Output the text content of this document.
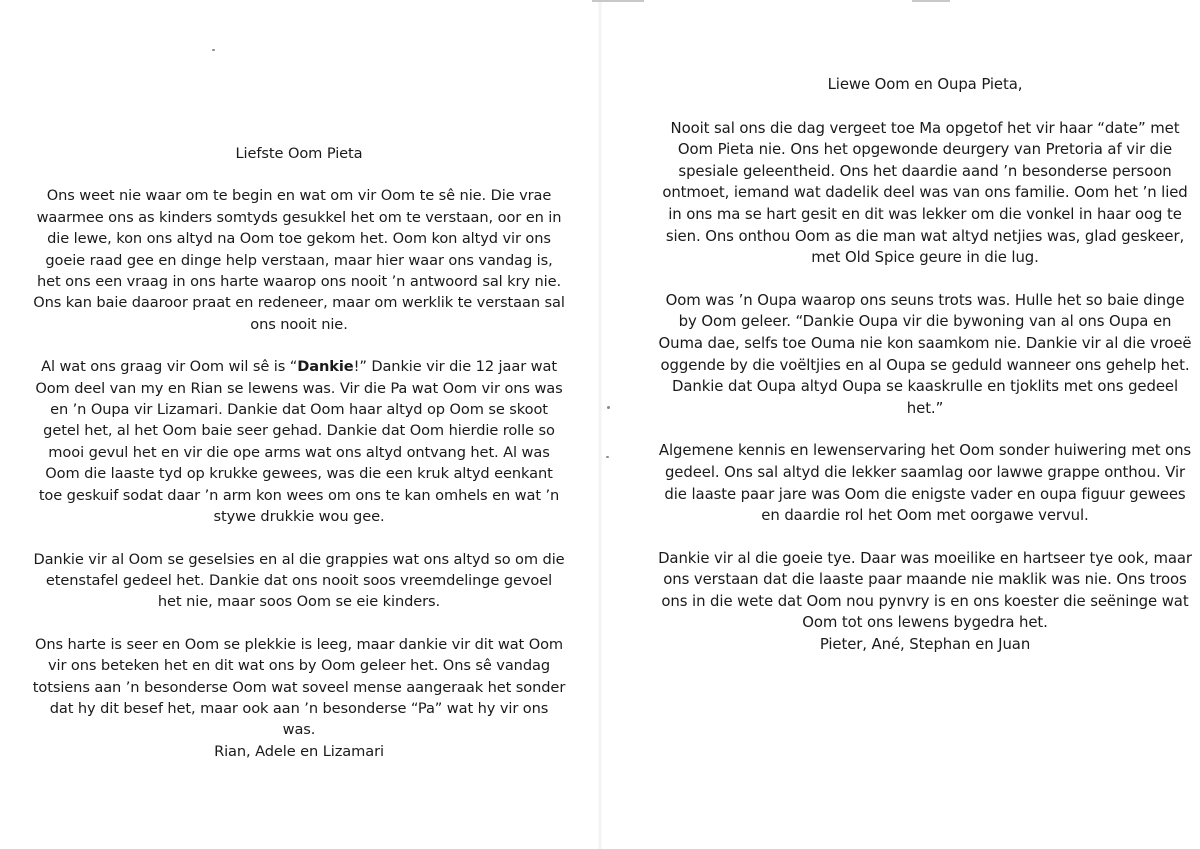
Liefste Oom Pieta

Ons weet nie waar om te begin en wat om vir Oom te sê nie. Die vrae waarmee ons as kinders somtyds gesukkel het om te verstaan, oor en in die lewe, kon ons altyd na Oom toe gekom het. Oom kon altyd vir ons goeie raad gee en dinge help verstaan, maar hier waar ons vandag is, het ons een vraag in ons harte waarop ons nooit ’n antwoord sal kry nie. Ons kan baie daaroor praat en redeneer, maar om werklik te verstaan sal ons nooit nie.

Al wat ons graag vir Oom wil sê is “Dankie!” Dankie vir die 12 jaar wat Oom deel van my en Rian se lewens was. Vir die Pa wat Oom vir ons was en ’n Oupa vir Lizamari. Dankie dat Oom haar altyd op Oom se skoot getel het, al het Oom baie seer gehad. Dankie dat Oom hierdie rolle so mooi gevul het en vir die ope arms wat ons altyd ontvang het. Al was Oom die laaste tyd op krukke gewees, was die een kruk altyd eenkant toe geskuif sodat daar ’n arm kon wees om ons te kan omhels en wat ’n stywe drukkie wou gee.

Dankie vir al Oom se geselsies en al die grappies wat ons altyd so om die etenstafel gedeel het. Dankie dat ons nooit soos vreemdelinge gevoel het nie, maar soos Oom se eie kinders.

Ons harte is seer en Oom se plekkie is leeg, maar dankie vir dit wat Oom vir ons beteken het en dit wat ons by Oom geleer het. Ons sê vandag totsiens aan ’n besonderse Oom wat soveel mense aangeraak het sonder dat hy dit besef het, maar ook aan ’n besonderse “Pa” wat hy vir ons was.

Rian, Adele en Lizamari

Liewe Oom en Oupa Pieta,

Nooit sal ons die dag vergeet toe Ma opgetof het vir haar “date” met Oom Pieta nie. Ons het opgewonde deurgery van Pretoria af vir die spesiale geleentheid. Ons het daardie aand ’n besonderse persoon ontmoet, iemand wat dadelik deel was van ons familie. Oom het ’n lied in ons ma se hart gesit en dit was lekker om die vonkel in haar oog te sien. Ons onthou Oom as die man wat altyd netjies was, glad geskeer, met Old Spice geure in die lug.

Oom was ’n Oupa waarop ons seuns trots was. Hulle het so baie dinge by Oom geleer. “Dankie Oupa vir die bywoning van al ons Oupa en Ouma dae, selfs toe Ouma nie kon saamkom nie. Dankie vir al die vroeë oggende by die voëltjies en al Oupa se geduld wanneer ons gehelp het. Dankie dat Oupa altyd Oupa se kaaskrulle en tjoklits met ons gedeel het.”

Algemene kennis en lewenservaring het Oom sonder huiwering met ons gedeel. Ons sal altyd die lekker saamlag oor lawwe grappe onthou. Vir die laaste paar jare was Oom die enigste vader en oupa figuur gewees en daardie rol het Oom met oorgawe vervul.

Dankie vir al die goeie tye. Daar was moeilike en hartseer tye ook, maar ons verstaan dat die laaste paar maande nie maklik was nie. Ons troos ons in die wete dat Oom nou pynvry is en ons koester die seëninge wat Oom tot ons lewens bygedra het.

Pieter, Ané, Stephan en Juan
